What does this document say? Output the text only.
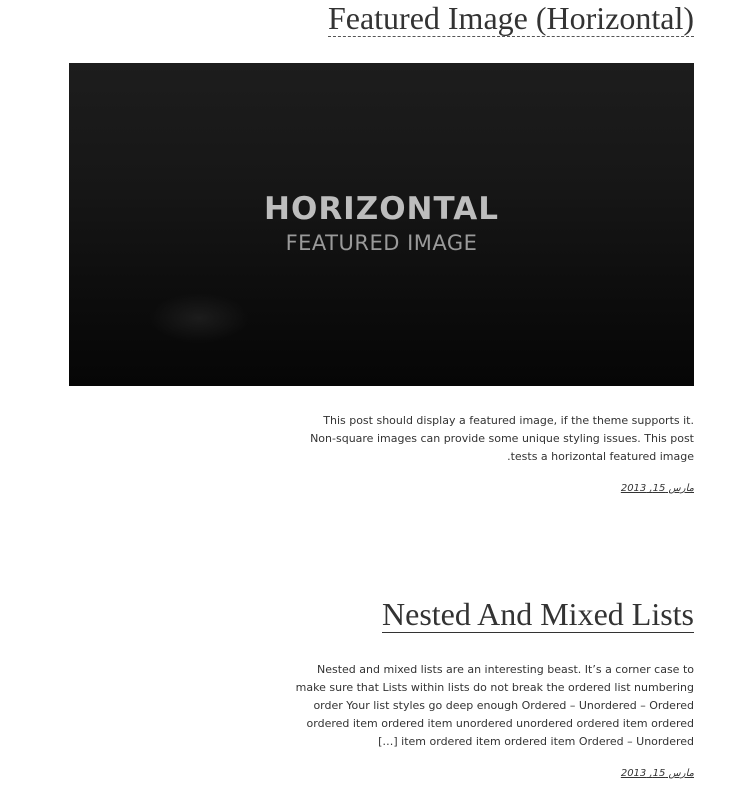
Featured Image (Horizontal)
HORIZONTAL
FEATURED IMAGE

This post should display a featured image, if the theme supports it. Non-square images can provide some unique styling issues. This post tests a horizontal featured image.

مارس 15, 2013
Nested And Mixed Lists

Nested and mixed lists are an interesting beast. It’s a corner case to make sure that Lists within lists do not break the ordered list numbering order Your list styles go deep enough Ordered – Unordered – Ordered ordered item ordered item unordered unordered ordered item ordered item ordered item ordered item Ordered – Unordered […]

مارس 15, 2013
